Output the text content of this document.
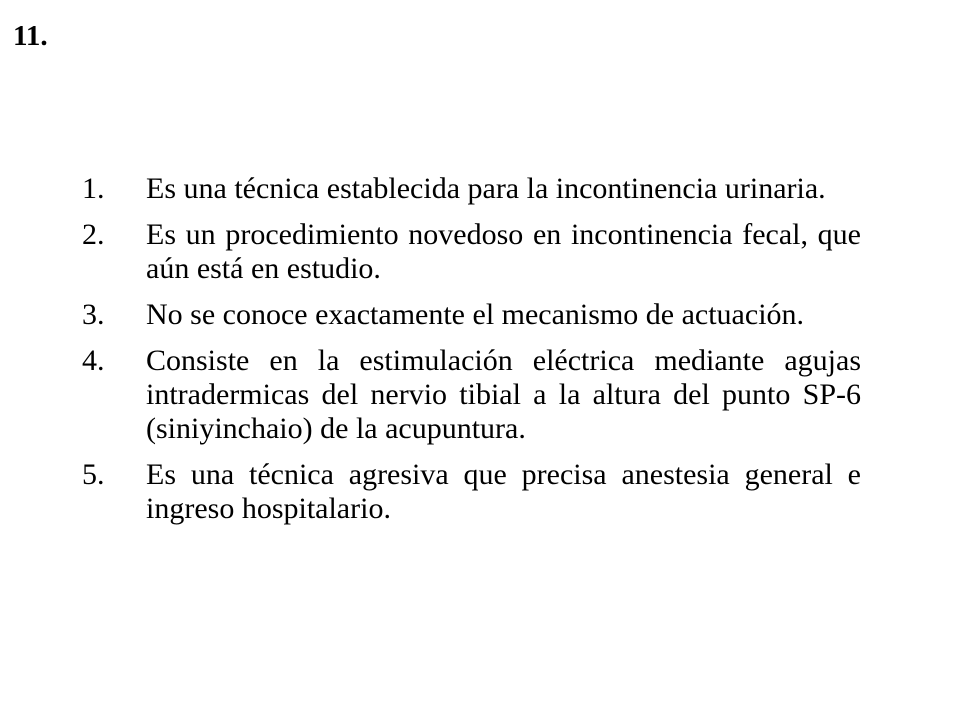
11.
1. Es una técnica establecida para la incontinencia urinaria.
2. Es un procedimiento novedoso en incontinencia fecal, que aún está en estudio.
3. No se conoce exactamente el mecanismo de actuación.
4. Consiste en la estimulación eléctrica mediante agujas intradermicas del nervio tibial a la altura del punto SP-6 (siniyinchaio) de la acupuntura.
5. Es una técnica agresiva que precisa anestesia general e ingreso hospitalario.
